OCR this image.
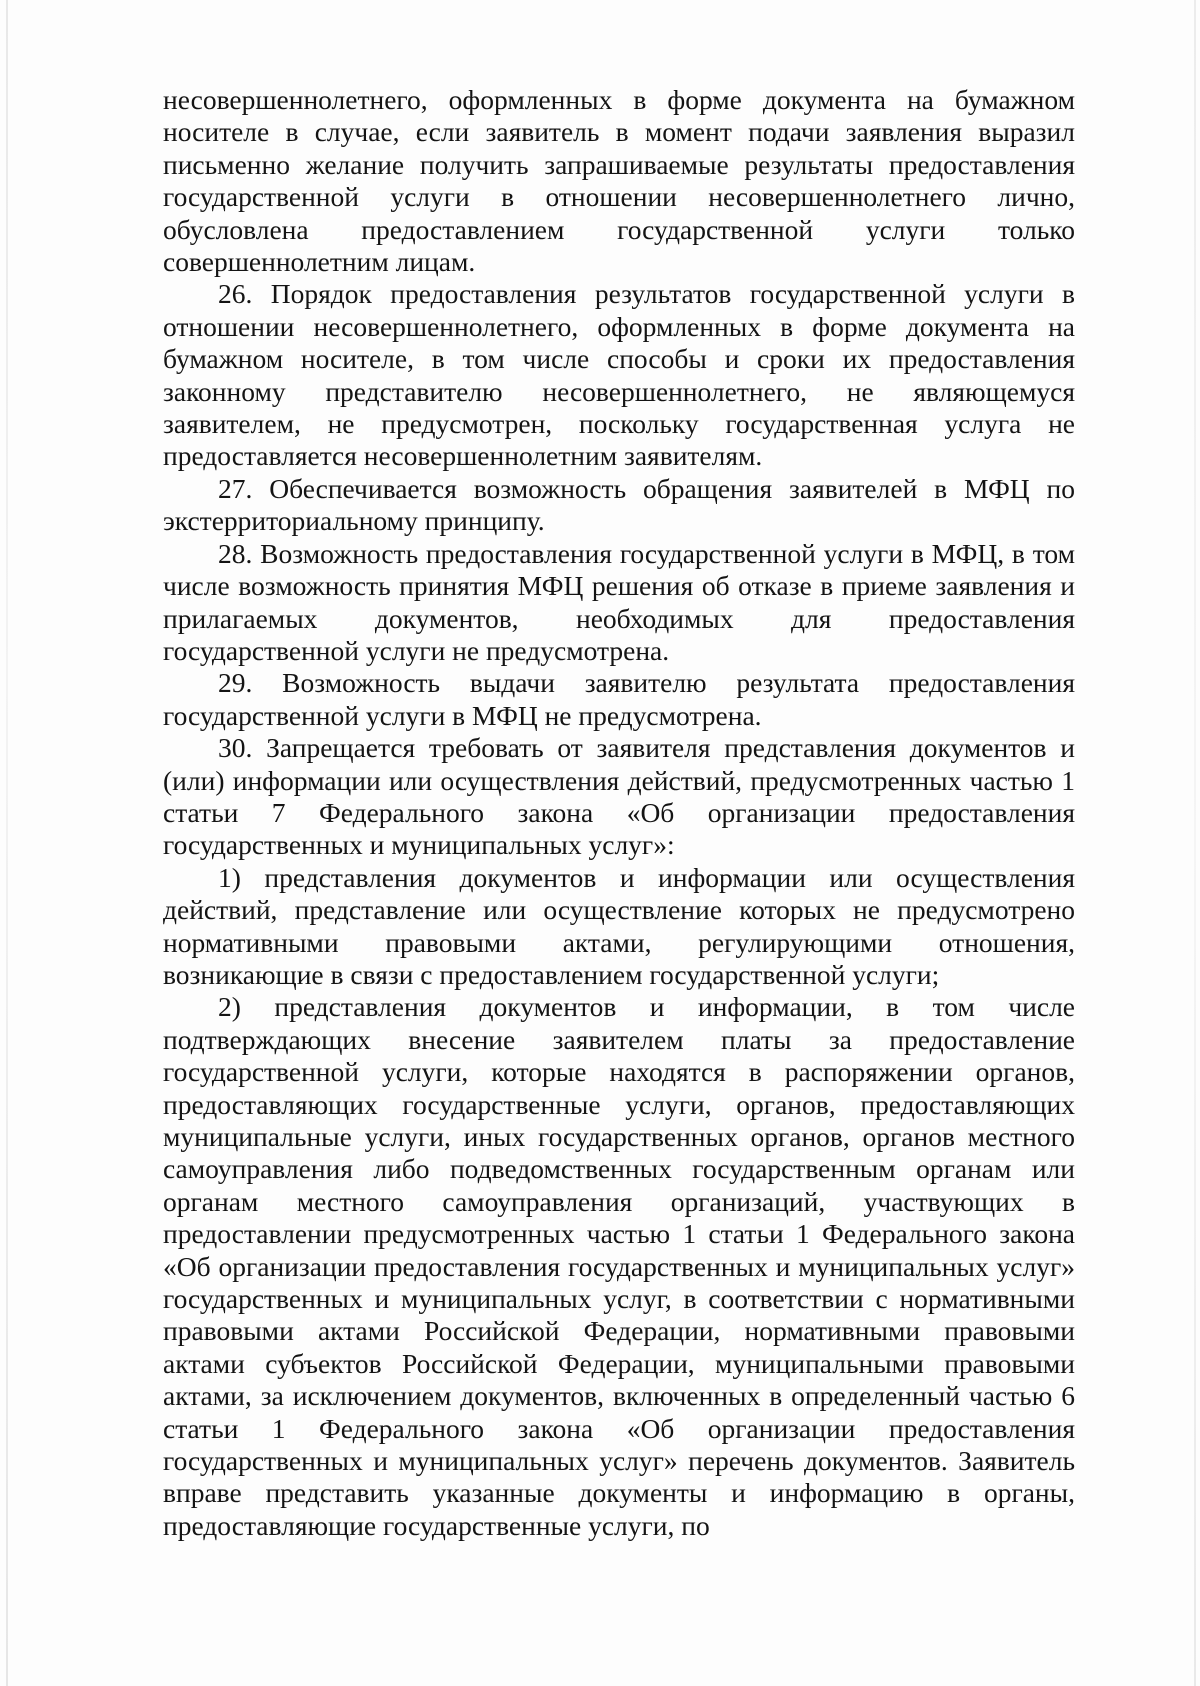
несовершеннолетнего, оформленных в форме документа на бумажном носителе в случае, если заявитель в момент подачи заявления выразил письменно желание получить запрашиваемые результаты предоставления государственной услуги в отношении несовершеннолетнего лично, обусловлена предоставлением государственной услуги только совершеннолетним лицам.

26. Порядок предоставления результатов государственной услуги в отношении несовершеннолетнего, оформленных в форме документа на бумажном носителе, в том числе способы и сроки их предоставления законному представителю несовершеннолетнего, не являющемуся заявителем, не предусмотрен, поскольку государственная услуга не предоставляется несовершеннолетним заявителям.

27. Обеспечивается возможность обращения заявителей в МФЦ по экстерриториальному принципу.

28. Возможность предоставления государственной услуги в МФЦ, в том числе возможность принятия МФЦ решения об отказе в приеме заявления и прилагаемых документов, необходимых для предоставления государственной услуги не предусмотрена.

29. Возможность выдачи заявителю результата предоставления государственной услуги в МФЦ не предусмотрена.

30. Запрещается требовать от заявителя представления документов и (или) информации или осуществления действий, предусмотренных частью 1 статьи 7 Федерального закона «Об организации предоставления государственных и муниципальных услуг»:

1) представления документов и информации или осуществления действий, представление или осуществление которых не предусмотрено нормативными правовыми актами, регулирующими отношения, возникающие в связи с предоставлением государственной услуги;

2) представления документов и информации, в том числе подтверждающих внесение заявителем платы за предоставление государственной услуги, которые находятся в распоряжении органов, предоставляющих государственные услуги, органов, предоставляющих муниципальные услуги, иных государственных органов, органов местного самоуправления либо подведомственных государственным органам или органам местного самоуправления организаций, участвующих в предоставлении предусмотренных частью 1 статьи 1 Федерального закона «Об организации предоставления государственных и муниципальных услуг» государственных и муниципальных услуг, в соответствии с нормативными правовыми актами Российской Федерации, нормативными правовыми актами субъектов Российской Федерации, муниципальными правовыми актами, за исключением документов, включенных в определенный частью 6 статьи 1 Федерального закона «Об организации предоставления государственных и муниципальных услуг» перечень документов. Заявитель вправе представить указанные документы и информацию в органы, предоставляющие государственные услуги, по
